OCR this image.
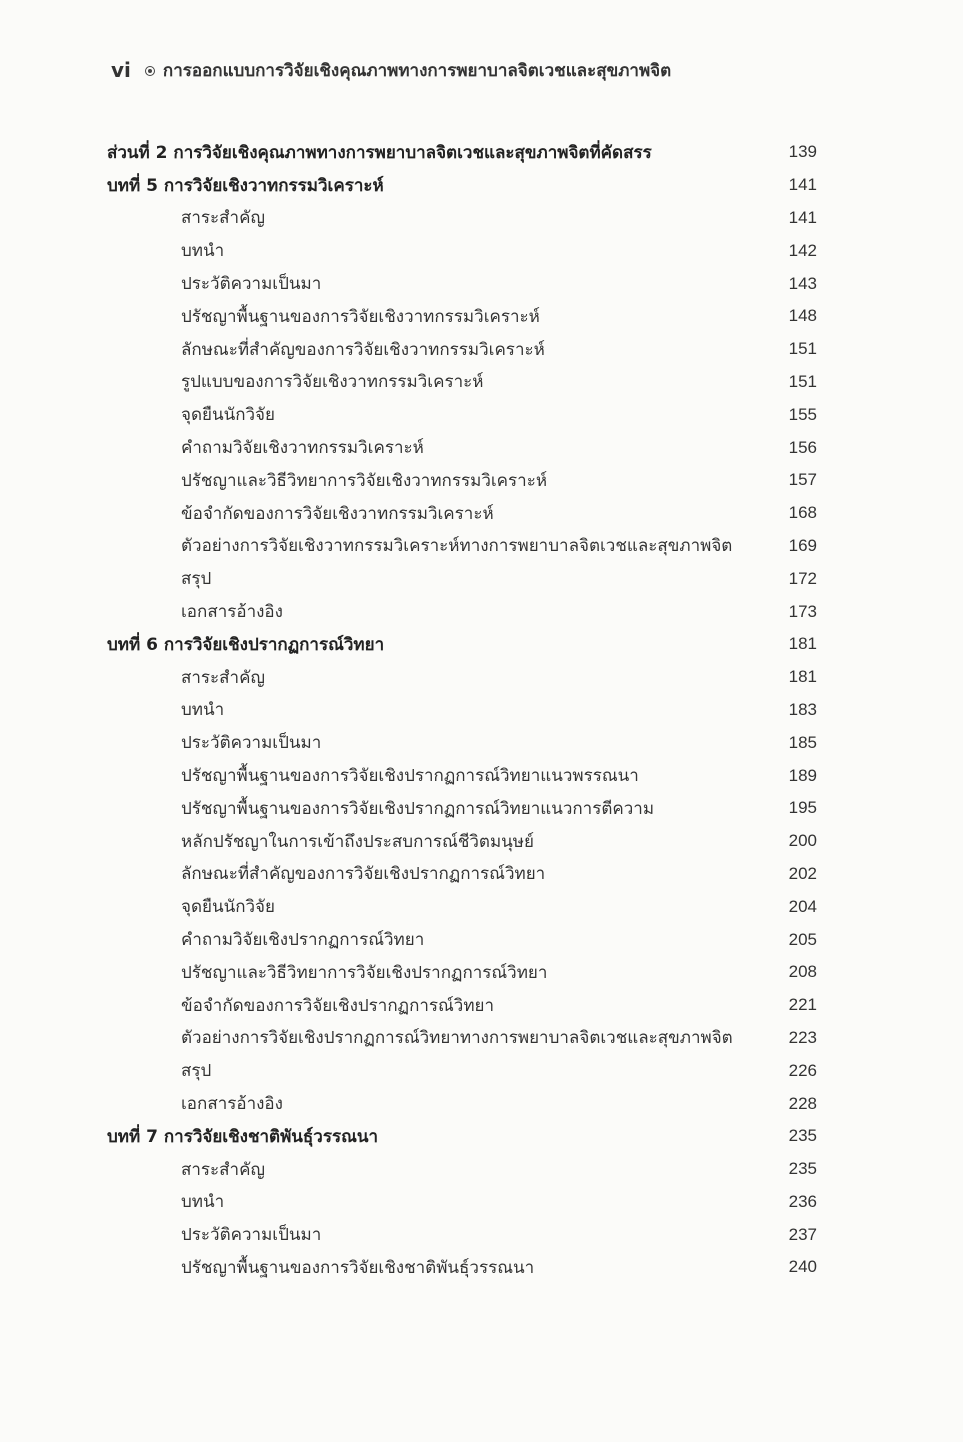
vi การออกแบบการวิจัยเชิงคุณภาพทางการพยาบาลจิตเวชและสุขภาพจิต
ส่วนที่ 2 การวิจัยเชิงคุณภาพทางการพยาบาลจิตเวชและสุขภาพจิตที่คัดสรร	139
บทที่ 5 การวิจัยเชิงวาทกรรมวิเคราะห์	141
สาระสำคัญ	141
บทนำ	142
ประวัติความเป็นมา	143
ปรัชญาพื้นฐานของการวิจัยเชิงวาทกรรมวิเคราะห์	148
ลักษณะที่สำคัญของการวิจัยเชิงวาทกรรมวิเคราะห์	151
รูปแบบของการวิจัยเชิงวาทกรรมวิเคราะห์	151
จุดยืนนักวิจัย	155
คำถามวิจัยเชิงวาทกรรมวิเคราะห์	156
ปรัชญาและวิธีวิทยาการวิจัยเชิงวาทกรรมวิเคราะห์	157
ข้อจำกัดของการวิจัยเชิงวาทกรรมวิเคราะห์	168
ตัวอย่างการวิจัยเชิงวาทกรรมวิเคราะห์ทางการพยาบาลจิตเวชและสุขภาพจิต	169
สรุป	172
เอกสารอ้างอิง	173
บทที่ 6 การวิจัยเชิงปรากฏการณ์วิทยา	181
สาระสำคัญ	181
บทนำ	183
ประวัติความเป็นมา	185
ปรัชญาพื้นฐานของการวิจัยเชิงปรากฏการณ์วิทยาแนวพรรณนา	189
ปรัชญาพื้นฐานของการวิจัยเชิงปรากฏการณ์วิทยาแนวการตีความ	195
หลักปรัชญาในการเข้าถึงประสบการณ์ชีวิตมนุษย์	200
ลักษณะที่สำคัญของการวิจัยเชิงปรากฏการณ์วิทยา	202
จุดยืนนักวิจัย	204
คำถามวิจัยเชิงปรากฏการณ์วิทยา	205
ปรัชญาและวิธีวิทยาการวิจัยเชิงปรากฏการณ์วิทยา	208
ข้อจำกัดของการวิจัยเชิงปรากฏการณ์วิทยา	221
ตัวอย่างการวิจัยเชิงปรากฏการณ์วิทยาทางการพยาบาลจิตเวชและสุขภาพจิต	223
สรุป	226
เอกสารอ้างอิง	228
บทที่ 7 การวิจัยเชิงชาติพันธุ์วรรณนา	235
สาระสำคัญ	235
บทนำ	236
ประวัติความเป็นมา	237
ปรัชญาพื้นฐานของการวิจัยเชิงชาติพันธุ์วรรณนา	240
